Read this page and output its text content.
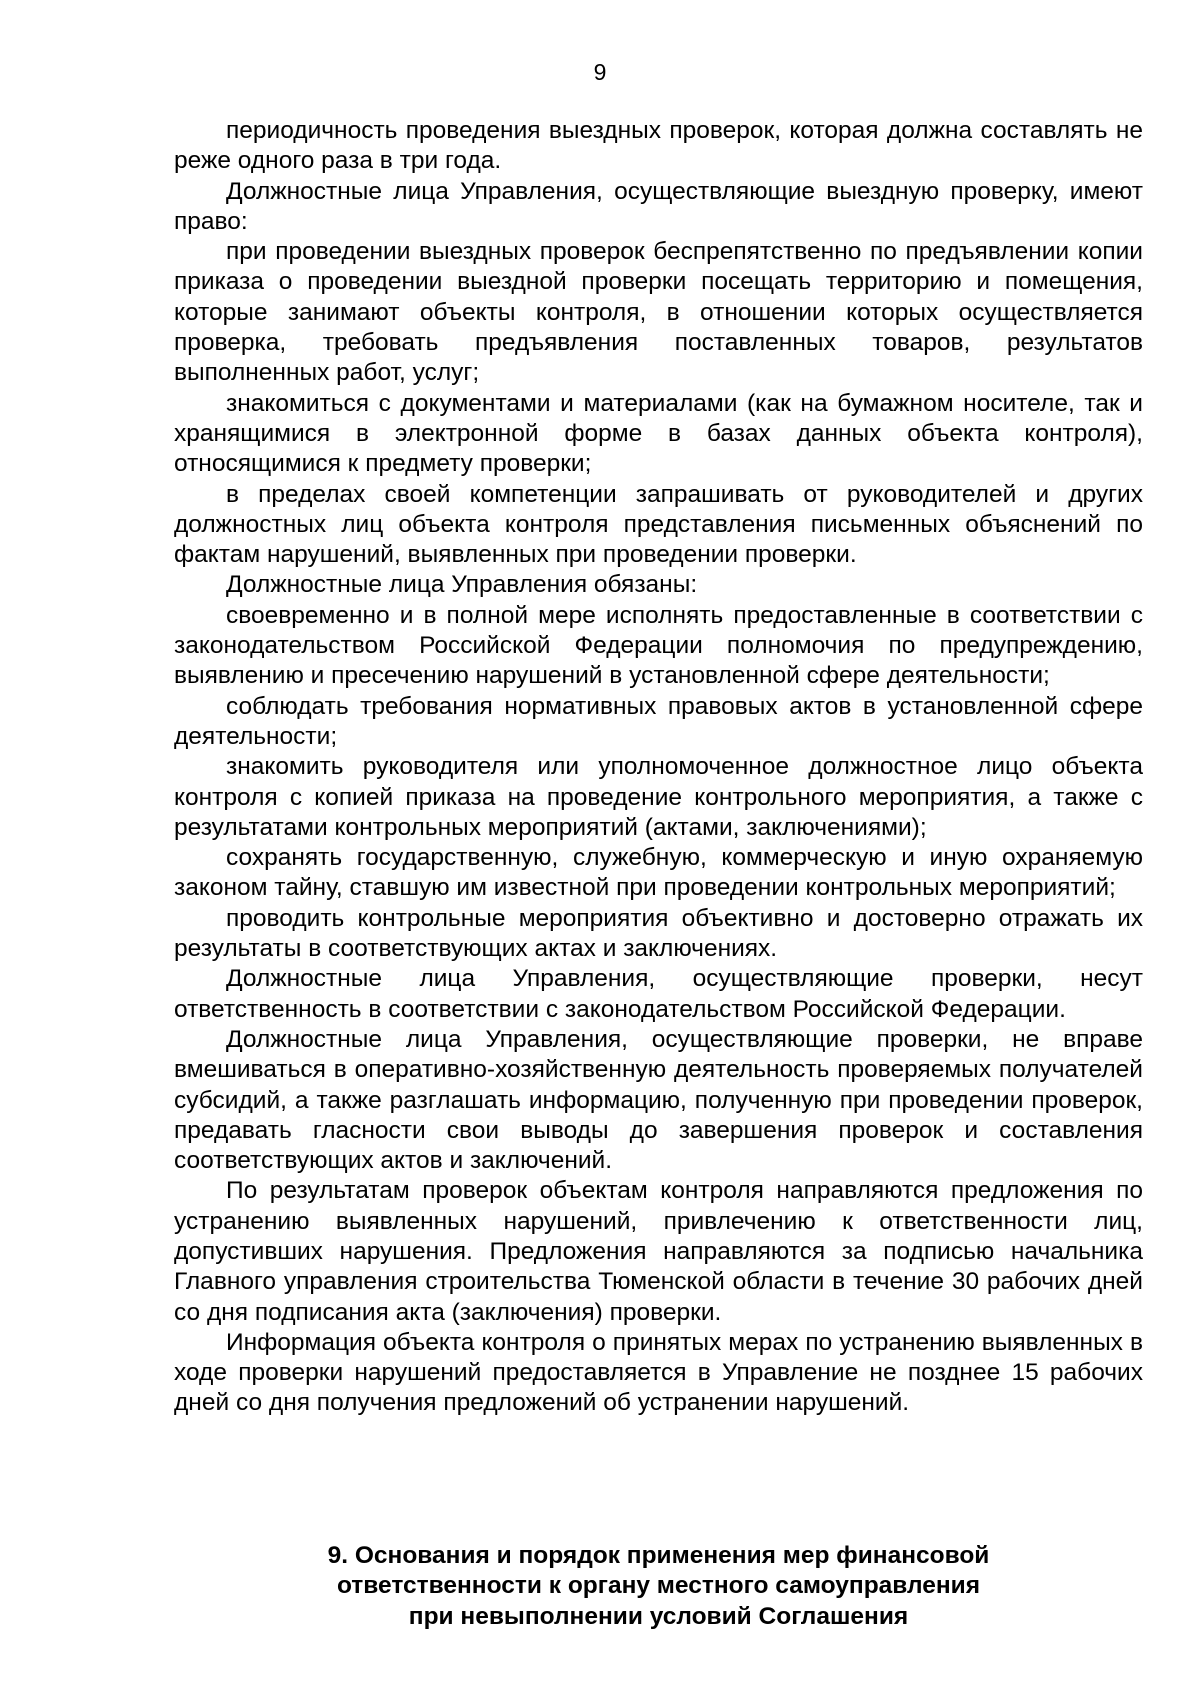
9

периодичность проведения выездных проверок, которая должна составлять не реже одного раза в три года.

Должностные лица Управления, осуществляющие выездную проверку, имеют право:

при проведении выездных проверок беспрепятственно по предъявлении копии приказа о проведении выездной проверки посещать территорию и помещения, которые занимают объекты контроля, в отношении которых осуществляется проверка, требовать предъявления поставленных товаров, результатов выполненных работ, услуг;

знакомиться с документами и материалами (как на бумажном носителе, так и хранящимися в электронной форме в базах данных объекта контроля), относящимися к предмету проверки;

в пределах своей компетенции запрашивать от руководителей и других должностных лиц объекта контроля представления письменных объяснений по фактам нарушений, выявленных при проведении проверки.

Должностные лица Управления обязаны:

своевременно и в полной мере исполнять предоставленные в соответствии с законодательством Российской Федерации полномочия по предупреждению, выявлению и пресечению нарушений в установленной сфере деятельности;

соблюдать требования нормативных правовых актов в установленной сфере деятельности;

знакомить руководителя или уполномоченное должностное лицо объекта контроля с копией приказа на проведение контрольного мероприятия, а также с результатами контрольных мероприятий (актами, заключениями);

сохранять государственную, служебную, коммерческую и иную охраняемую законом тайну, ставшую им известной при проведении контрольных мероприятий;

проводить контрольные мероприятия объективно и достоверно отражать их результаты в соответствующих актах и заключениях.

Должностные лица Управления, осуществляющие проверки, несут ответственность в соответствии с законодательством Российской Федерации.

Должностные лица Управления, осуществляющие проверки, не вправе вмешиваться в оперативно-хозяйственную деятельность проверяемых получателей субсидий, а также разглашать информацию, полученную при проведении проверок, предавать гласности свои выводы до завершения проверок и составления соответствующих актов и заключений.

По результатам проверок объектам контроля направляются предложения по устранению выявленных нарушений, привлечению к ответственности лиц, допустивших нарушения. Предложения направляются за подписью начальника Главного управления строительства Тюменской области в течение 30 рабочих дней со дня подписания акта (заключения) проверки.

Информация объекта контроля о принятых мерах по устранению выявленных в ходе проверки нарушений предоставляется в Управление не позднее 15 рабочих дней со дня получения предложений об устранении нарушений.

9. Основания и порядок применения мер финансовой
ответственности к органу местного самоуправления
при невыполнении условий Соглашения
